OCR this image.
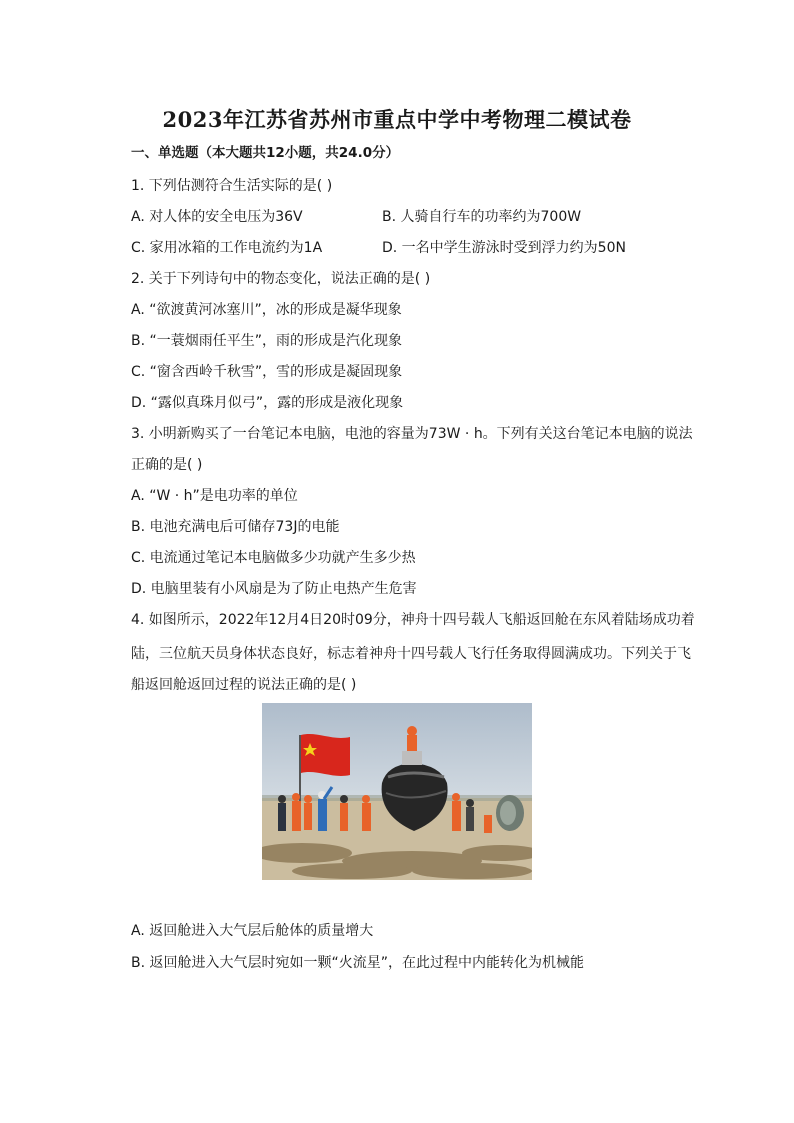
2023年江苏省苏州市重点中学中考物理二模试卷
一、单选题（本大题共12小题，共24.0分）
1. 下列估测符合生活实际的是( )
A. 对人体的安全电压为36V	B. 人骑自行车的功率约为700W
C. 家用冰箱的工作电流约为1A	D. 一名中学生游泳时受到浮力约为50N
2. 关于下列诗句中的物态变化，说法正确的是( )
A. “欲渡黄河冰塞川”，冰的形成是凝华现象
B. “一蓑烟雨任平生”，雨的形成是汽化现象
C. “窗含西岭千秋雪”，雪的形成是凝固现象
D. “露似真珠月似弓”，露的形成是液化现象
3. 小明新购买了一台笔记本电脑，电池的容量为73W · h。下列有关这台笔记本电脑的说法
正确的是( )
A. “W · h”是电功率的单位
B. 电池充满电后可储存73J的电能
C. 电流通过笔记本电脑做多少功就产生多少热
D. 电脑里装有小风扇是为了防止电热产生危害
4. 如图所示，2022年12月4日20时09分，神舟十四号载人飞船返回舱在东风着陆场成功着
陆，三位航天员身体状态良好，标志着神舟十四号载人飞行任务取得圆满成功。下列关于飞
船返回舱返回过程的说法正确的是( )
A. 返回舱进入大气层后舱体的质量增大
B. 返回舱进入大气层时宛如一颗“火流星”，在此过程中内能转化为机械能
